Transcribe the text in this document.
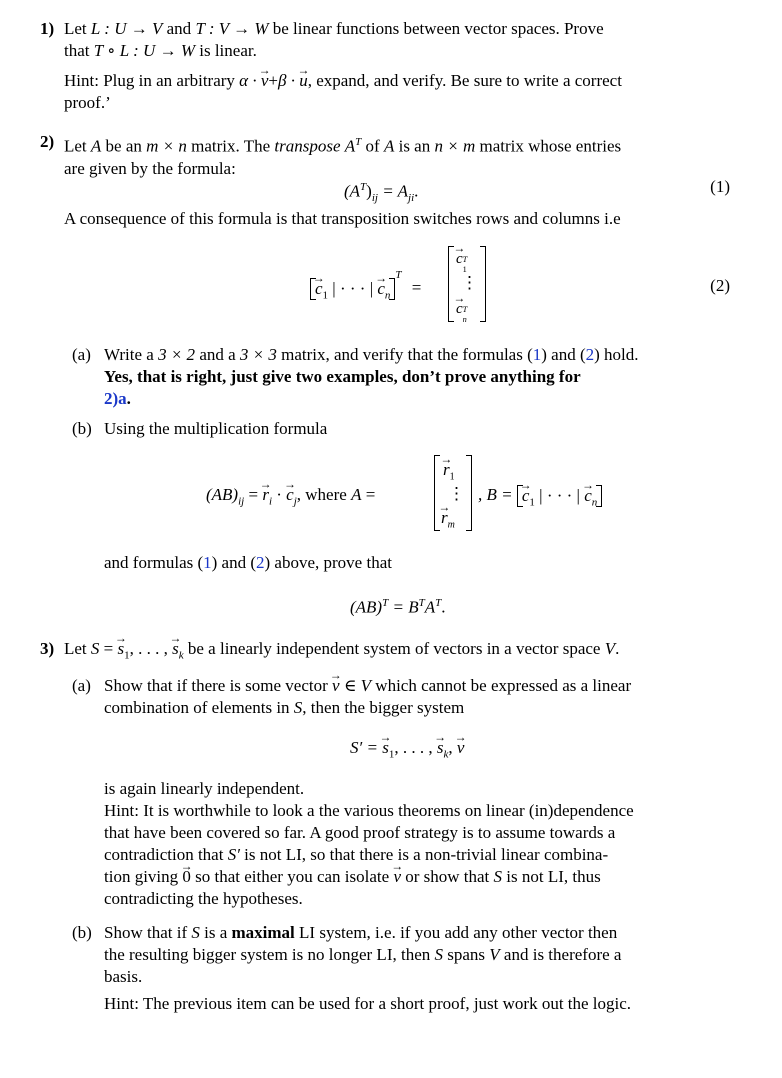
1) Let L : U → V and T : V → W be linear functions between vector spaces. Prove
that T ∘ L : U → W is linear.
Hint: Plug in an arbitrary α · → v+β · → u, expand, and verify. Be sure to write a correct
proof.’
2) Let A be an m × n matrix. The transpose $A^T$ of A is an n × m matrix whose entries
are given by the formula:
$(A^T)_{ij} = A_{ji}$.	(1)
A consequence of this formula is that transposition switches rows and columns i.e
→ $c_1$ | · · · | → $c_n^T$ =
→ c T
1
⋮
→ c T
n
(2)
(a) Write a 3 × 2 and a 3 × 3 matrix, and verify that the formulas (1) and (2) hold.
Yes, that is right, just give two examples, don’t prove anything for
2)a.
(b) Using the multiplication formula
$(AB)_{ij}$ = → $r_i$ · → $c_j$, where A =
→ $r_1$
⋮
→ $r_m$
, B = → $c_1$ | · · · | → $c_n$
and formulas (1) and (2) above, prove that
$(AB)^T = B^TA^T$.
3) Let S = → $s_1$, . . . , → $s_k$ be a linearly independent system of vectors in a vector space V.
(a) Show that if there is some vector → v ∈ V which cannot be expressed as a linear
combination of elements in S, then the bigger system
S′ = → $s_1$, . . . , → $s_k$, → v
is again linearly independent.
Hint: It is worthwhile to look a the various theorems on linear (in)dependence
that have been covered so far. A good proof strategy is to assume towards a
contradiction that S′ is not LI, so that there is a non-trivial linear combina-
tion giving → 0 so that either you can isolate → v or show that S is not LI, thus
contradicting the hypotheses.
(b) Show that if S is a maximal LI system, i.e. if you add any other vector then
the resulting bigger system is no longer LI, then S spans V and is therefore a
basis.
Hint: The previous item can be used for a short proof, just work out the logic.
